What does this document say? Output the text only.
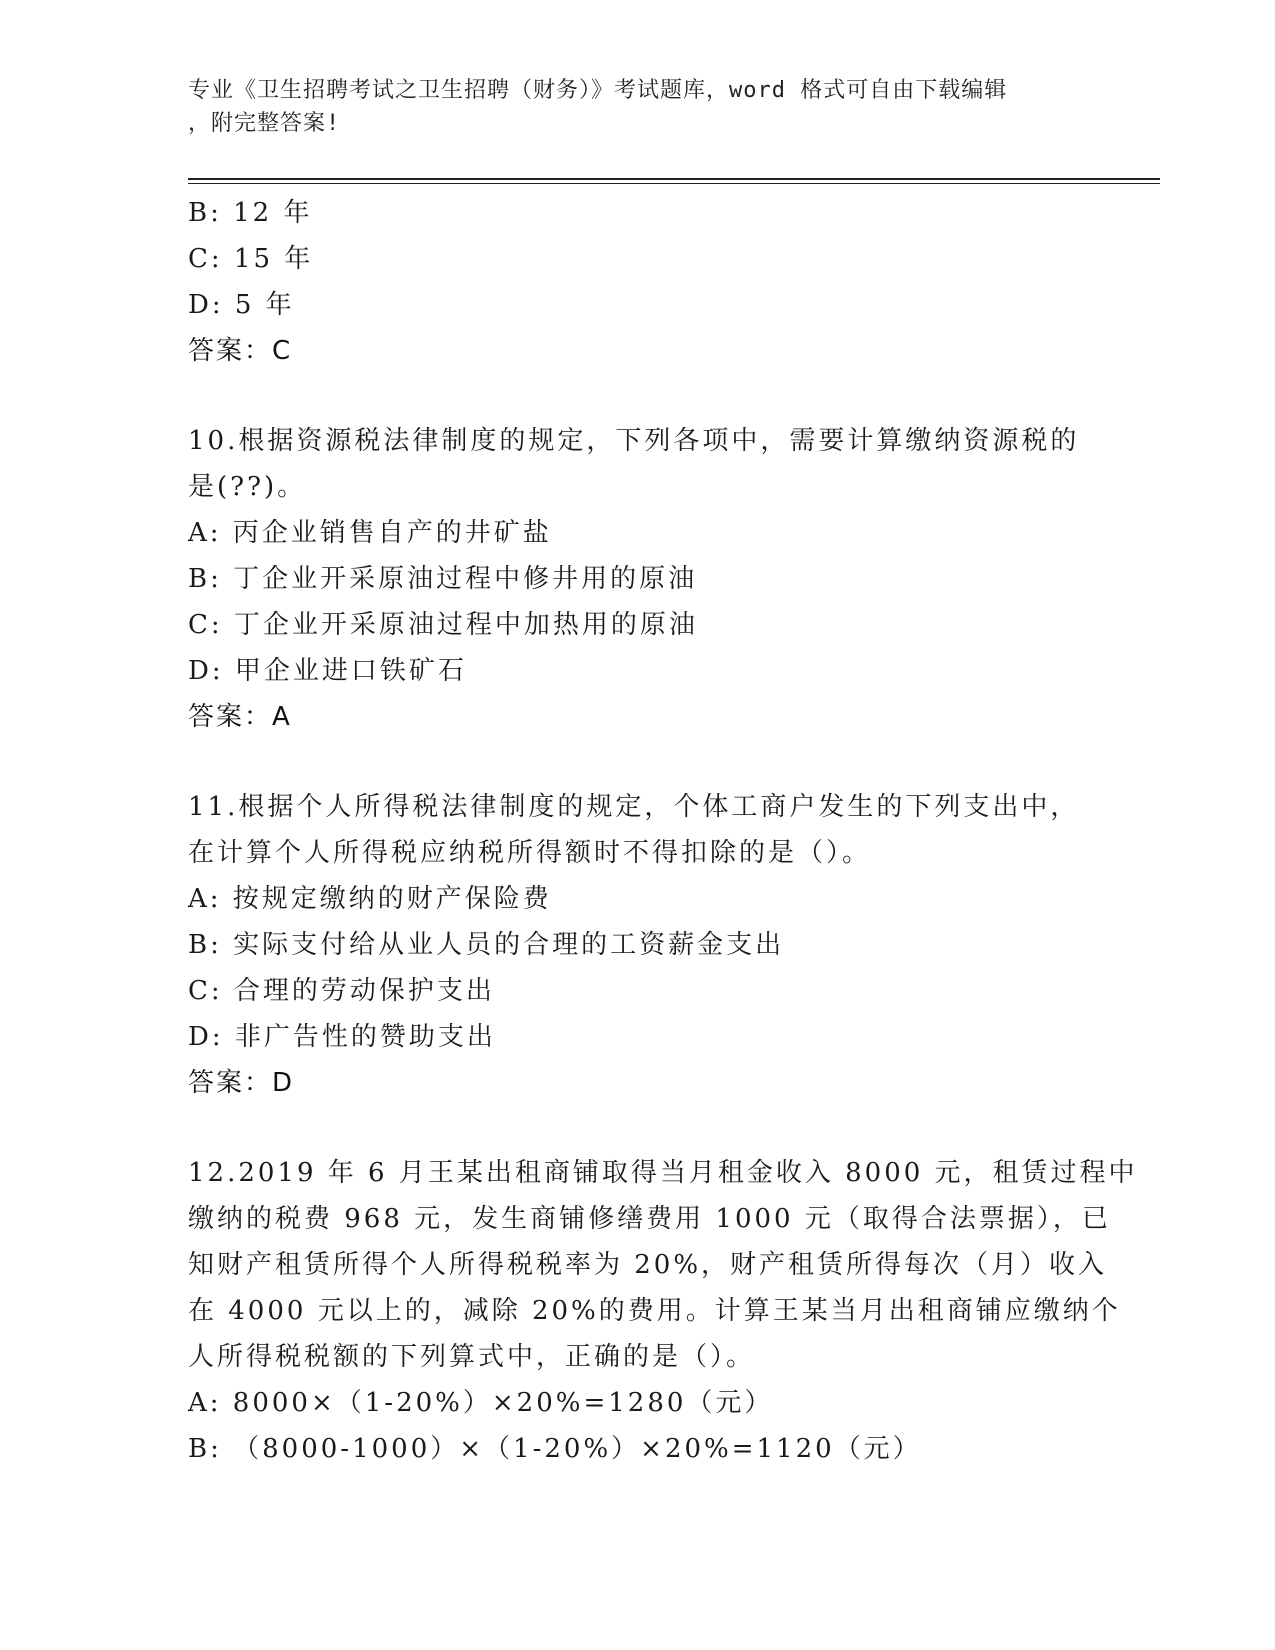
专业《卫生招聘考试之卫生招聘（财务）》考试题库，word 格式可自由下载编辑
，附完整答案!
B: 12 年
C: 15 年
D: 5 年
答案：C
10.根据资源税法律制度的规定，下列各项中，需要计算缴纳资源税的
是(??)。
A: 丙企业销售自产的井矿盐
B: 丁企业开采原油过程中修井用的原油
C: 丁企业开采原油过程中加热用的原油
D: 甲企业进口铁矿石
答案：A
11.根据个人所得税法律制度的规定，个体工商户发生的下列支出中，
在计算个人所得税应纳税所得额时不得扣除的是（）。
A: 按规定缴纳的财产保险费
B: 实际支付给从业人员的合理的工资薪金支出
C: 合理的劳动保护支出
D: 非广告性的赞助支出
答案：D
12.2019 年 6 月王某出租商铺取得当月租金收入 8000 元，租赁过程中
缴纳的税费 968 元，发生商铺修缮费用 1000 元（取得合法票据），已
知财产租赁所得个人所得税税率为 20%，财产租赁所得每次（月）收入
在 4000 元以上的，减除 20%的费用。计算王某当月出租商铺应缴纳个
人所得税税额的下列算式中，正确的是（）。
A: 8000×（1-20%）×20%=1280（元）
B: （8000-1000）×（1-20%）×20%=1120（元）
